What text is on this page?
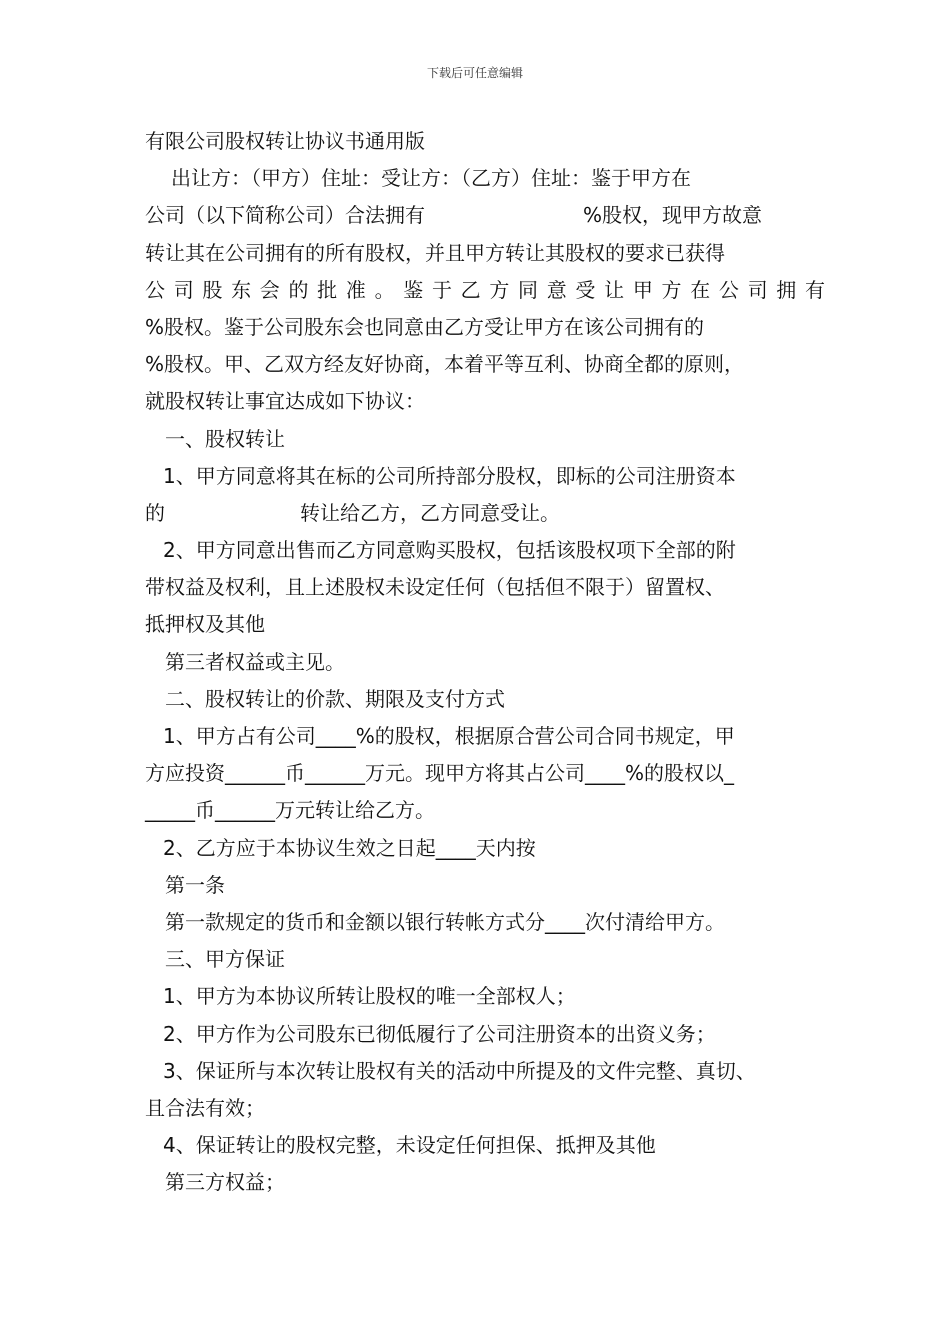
下载后可任意编辑
有限公司股权转让协议书通用版
出让方：（甲方）住址：受让方：（乙方）住址：鉴于甲方在
公司（以下简称公司）合法拥有	%股权，现甲方故意
转让其在公司拥有的所有股权，并且甲方转让其股权的要求已获得
公司股东会的批准。鉴于乙方同意受让甲方在公司拥有
%股权。鉴于公司股东会也同意由乙方受让甲方在该公司拥有的
%股权。甲、乙双方经友好协商，本着平等互利、协商全都的原则，
就股权转让事宜达成如下协议：
一、股权转让
1、甲方同意将其在标的公司所持部分股权，即标的公司注册资本
的	转让给乙方，乙方同意受让。
2、甲方同意出售而乙方同意购买股权，包括该股权项下全部的附
带权益及权利，且上述股权未设定任何（包括但不限于）留置权、
抵押权及其他
第三者权益或主见。
二、股权转让的价款、期限及支付方式
1、甲方占有公司____%的股权，根据原合营公司合同书规定，甲
方应投资______币______万元。现甲方将其占公司____%的股权以_
_____币______万元转让给乙方。
2、乙方应于本协议生效之日起____天内按
第一条
第一款规定的货币和金额以银行转帐方式分____次付清给甲方。
三、甲方保证
1、甲方为本协议所转让股权的唯一全部权人；
2、甲方作为公司股东已彻低履行了公司注册资本的出资义务；
3、保证所与本次转让股权有关的活动中所提及的文件完整、真切、
且合法有效；
4、保证转让的股权完整，未设定任何担保、抵押及其他
第三方权益；
